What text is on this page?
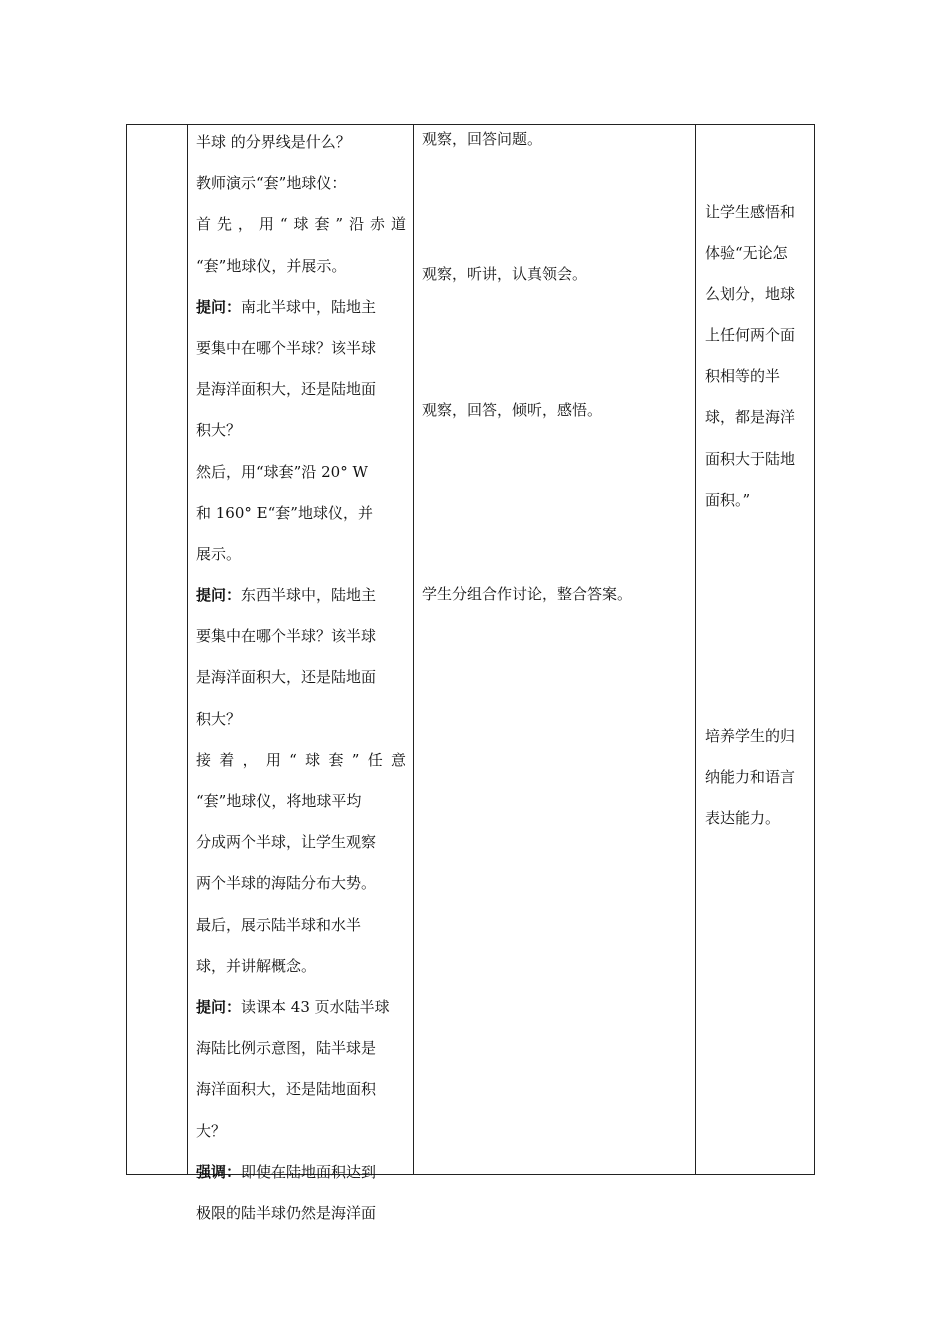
半球 的分界线是什么？
教师演示“套”地球仪：
首先，用“球套”沿赤道
“套”地球仪，并展示。
提问：南北半球中，陆地主
要集中在哪个半球？该半球
是海洋面积大，还是陆地面
积大？
然后，用“球套”沿 20° W
和 160° E“套”地球仪，并
展示。
提问：东西半球中，陆地主
要集中在哪个半球？该半球
是海洋面积大，还是陆地面
积大？
接着，用“球套”任意
“套”地球仪，将地球平均
分成两个半球，让学生观察
两个半球的海陆分布大势。
最后，展示陆半球和水半
球，并讲解概念。
提问：读课本 43 页水陆半球
海陆比例示意图，陆半球是
海洋面积大，还是陆地面积
大？
强调：即使在陆地面积达到
极限的陆半球仍然是海洋面
观察，回答问题。
观察，听讲，认真领会。
观察，回答，倾听，感悟。
学生分组合作讨论，整合答案。
让学生感悟和
体验“无论怎
么划分，地球
上任何两个面
积相等的半
球，都是海洋
面积大于陆地
面积。”
培养学生的归
纳能力和语言
表达能力。
